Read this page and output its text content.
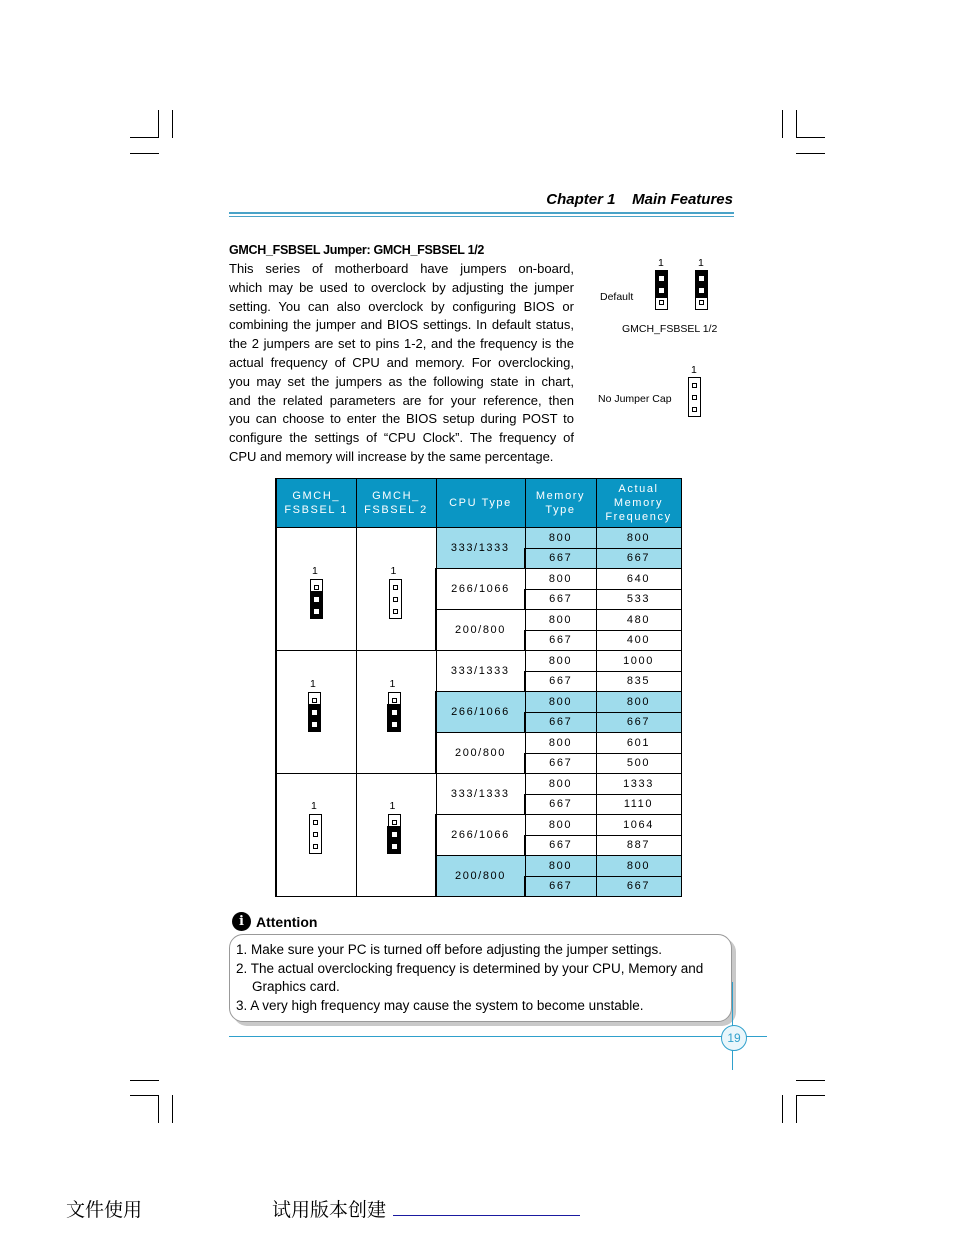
Chapter 1 Main Features
GMCH_FSBSEL Jumper: GMCH_FSBSEL 1/2
This series of motherboard have jumpers on-board,
which may be used to overclock by adjusting the jumper
setting. You can also overclock by configuring BIOS or
combining the jumper and BIOS settings. In default status,
the 2 jumpers are set to pins 1-2, and the frequency is the
actual frequency of CPU and memory. For overclocking,
you may set the jumpers as the following state in chart,
and the related parameters are for your reference, then
you can choose to enter the BIOS setup during POST to
configure the settings of “CPU Clock”. The frequency of
CPU and memory will increase by the same percentage.
1	1
Default
GMCH_FSBSEL 1/2
1
No Jumper Cap
GMCH_ FSBSEL 1	GMCH_ FSBSEL 2	CPU Type	Memory Type	Actual Memory Frequency

1	1	333/1333	800	800
			667	667
		266/1066	800	640
			667	533
		200/800	800	480
			667	400

1	1	333/1333	800	1000
			667	835
		266/1066	800	800
			667	667
		200/800	800	601
			667	500

1	1	333/1333	800	1333
			667	1110
		266/1066	800	1064
			667	887
		200/800	800	800
			667	667
i Attention
1. Make sure your PC is turned off before adjusting the jumper settings.
2. The actual overclocking frequency is determined by your CPU, Memory and
Graphics card.
3. A very high frequency may cause the system to become unstable.
19
文件使用	试用版本创建
